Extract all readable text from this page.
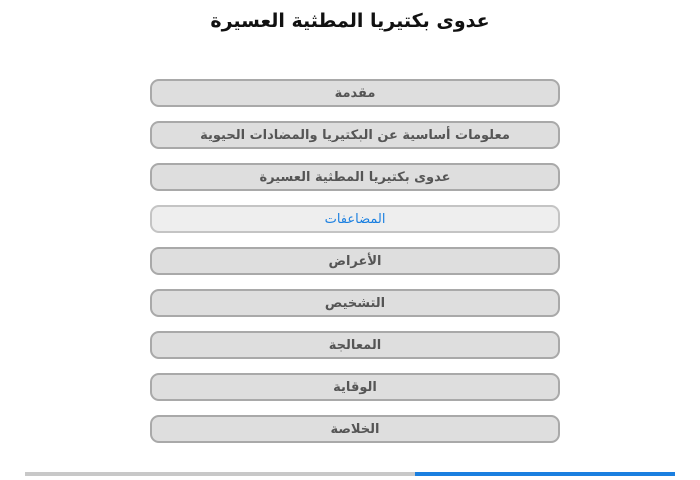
عدوى بكتيريا المطثية العسيرة
مقدمة
معلومات أساسية عن البكتيريا والمضادات الحيوية
عدوى بكتيريا المطثية العسيرة
المضاعفات
الأعراض
التشخيص
المعالجة
الوقاية
الخلاصة
